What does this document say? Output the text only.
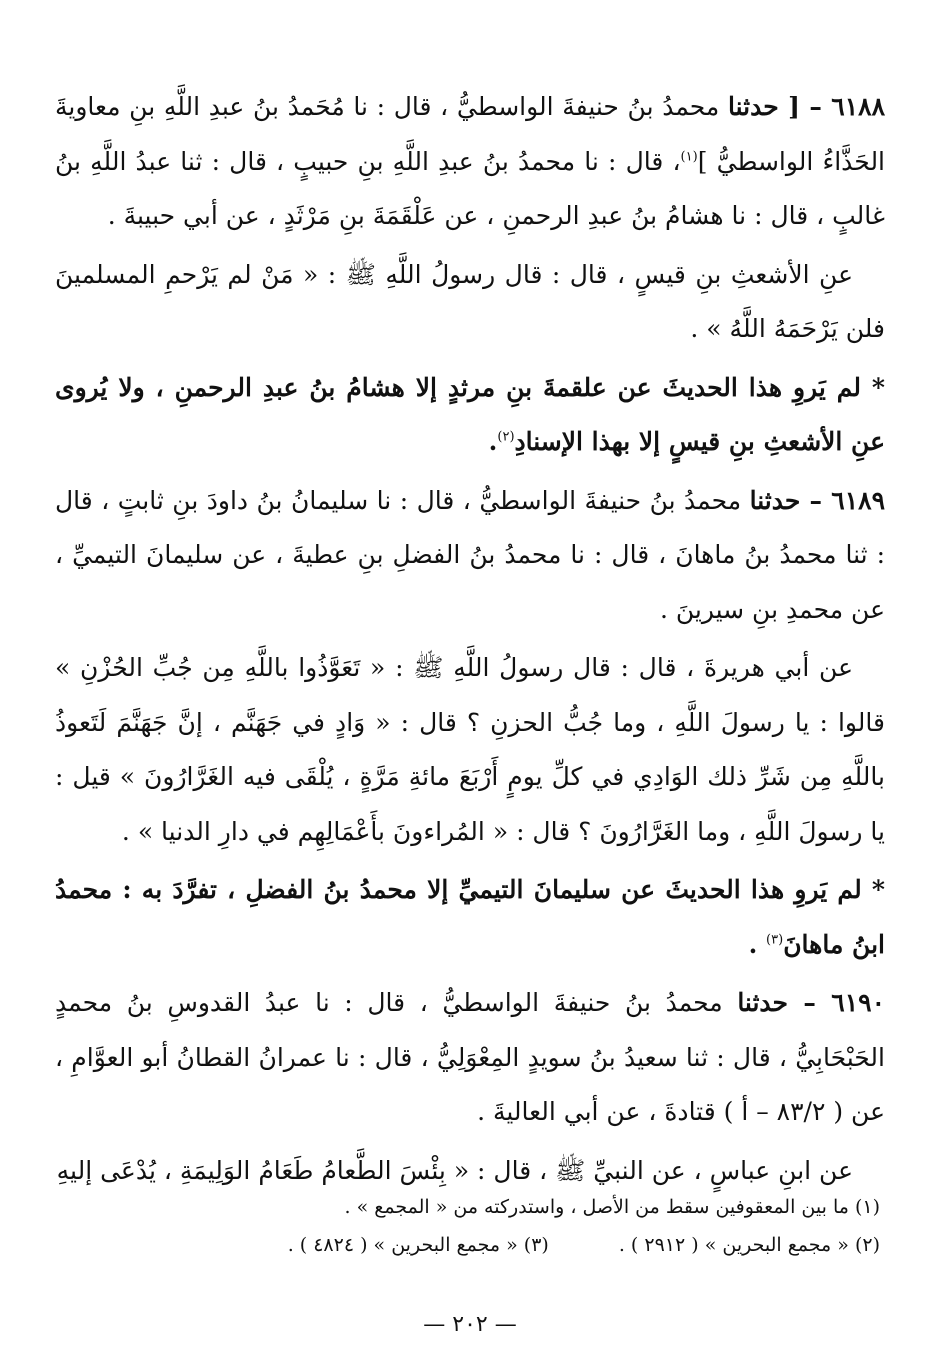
٦١٨٨ – [ حدثنا محمدُ بنُ حنيفةَ الواسطيُّ ، قال : نا مُحَمدُ بنُ عبدِ اللَّهِ بنِ معاويةَ الحَذَّاءُ الواسطيُّ ]$^{(١)}$، قال : نا محمدُ بنُ عبدِ اللَّهِ بنِ حبيبٍ ، قال : ثنا عبدُ اللَّهِ بنُ غالبٍ ، قال : نا هشامُ بنُ عبدِ الرحمنِ ، عن عَلْقَمَةَ بنِ مَرْثَدٍ ، عن أبي حبيبةَ .

عنِ الأشعثِ بنِ قيسٍ ، قال : قال رسولُ اللَّهِ ﷺ : « مَنْ لم يَرْحمِ المسلمينَ فلن يَرْحَمَهُ اللَّهُ » .

* لم يَروِ هذا الحديثَ عن علقمةَ بنِ مرثدٍ إلا هشامُ بنُ عبدِ الرحمنِ ، ولا يُروى عنِ الأشعثِ بنِ قيسٍ إلا بهذا الإسنادِ$^{(٢)}$.

٦١٨٩ – حدثنا محمدُ بنُ حنيفةَ الواسطيُّ ، قال : نا سليمانُ بنُ داودَ بنِ ثابتٍ ، قال : ثنا محمدُ بنُ ماهانَ ، قال : نا محمدُ بنُ الفضلِ بنِ عطيةَ ، عن سليمانَ التيميِّ ، عن محمدِ بنِ سيرينَ .

عن أبي هريرةَ ، قال : قال رسولُ اللَّهِ ﷺ : « تَعَوَّذُوا باللَّهِ مِن جُبِّ الحُزْنِ » قالوا : يا رسولَ اللَّهِ ، وما جُبُّ الحزنِ ؟ قال : « وَادٍ في جَهَنَّم ، إنَّ جَهَنَّمَ لَتَعوذُ باللَّهِ مِن شَرِّ ذلك الوَادِي في كلِّ يومٍ أَرْبَعَ مائةِ مَرَّةٍ ، يُلْقَى فيه الغَرَّارُونَ » قيل : يا رسولَ اللَّهِ ، وما الغَرَّارُونَ ؟ قال : « المُراءونَ بأَعْمَالِهِم في دارِ الدنيا » .

* لم يَروِ هذا الحديثَ عن سليمانَ التيميِّ إلا محمدُ بنُ الفضلِ ، تفرَّدَ به : محمدُ ابنُ ماهانَ$^{(٣)}$ .

٦١٩٠ – حدثنا محمدُ بنُ حنيفةَ الواسطيُّ ، قال : نا عبدُ القدوسِ بنُ محمدٍ الحَبْحَابِيُّ ، قال : ثنا سعيدُ بنُ سويدٍ المِعْوَلِيُّ ، قال : نا عمرانُ القطانُ أبو العوَّامِ ، عن ( ٨٣/٢ – أ ) قتادةَ ، عن أبي العاليةَ .

عن ابنِ عباسٍ ، عن النبيِّ ﷺ ، قال : « بِئْسَ الطَّعامُ طَعَامُ الوَلِيمَةِ ، يُدْعَى إليهِ

(١) ما بين المعقوفين سقط من الأصل ، واستدركته من « المجمع » .
(٢) « مجمع البحرين » ( ٢٩١٢ ) .(٣) « مجمع البحرين » ( ٤٨٢٤ ) .
— ٢٠٢ —
